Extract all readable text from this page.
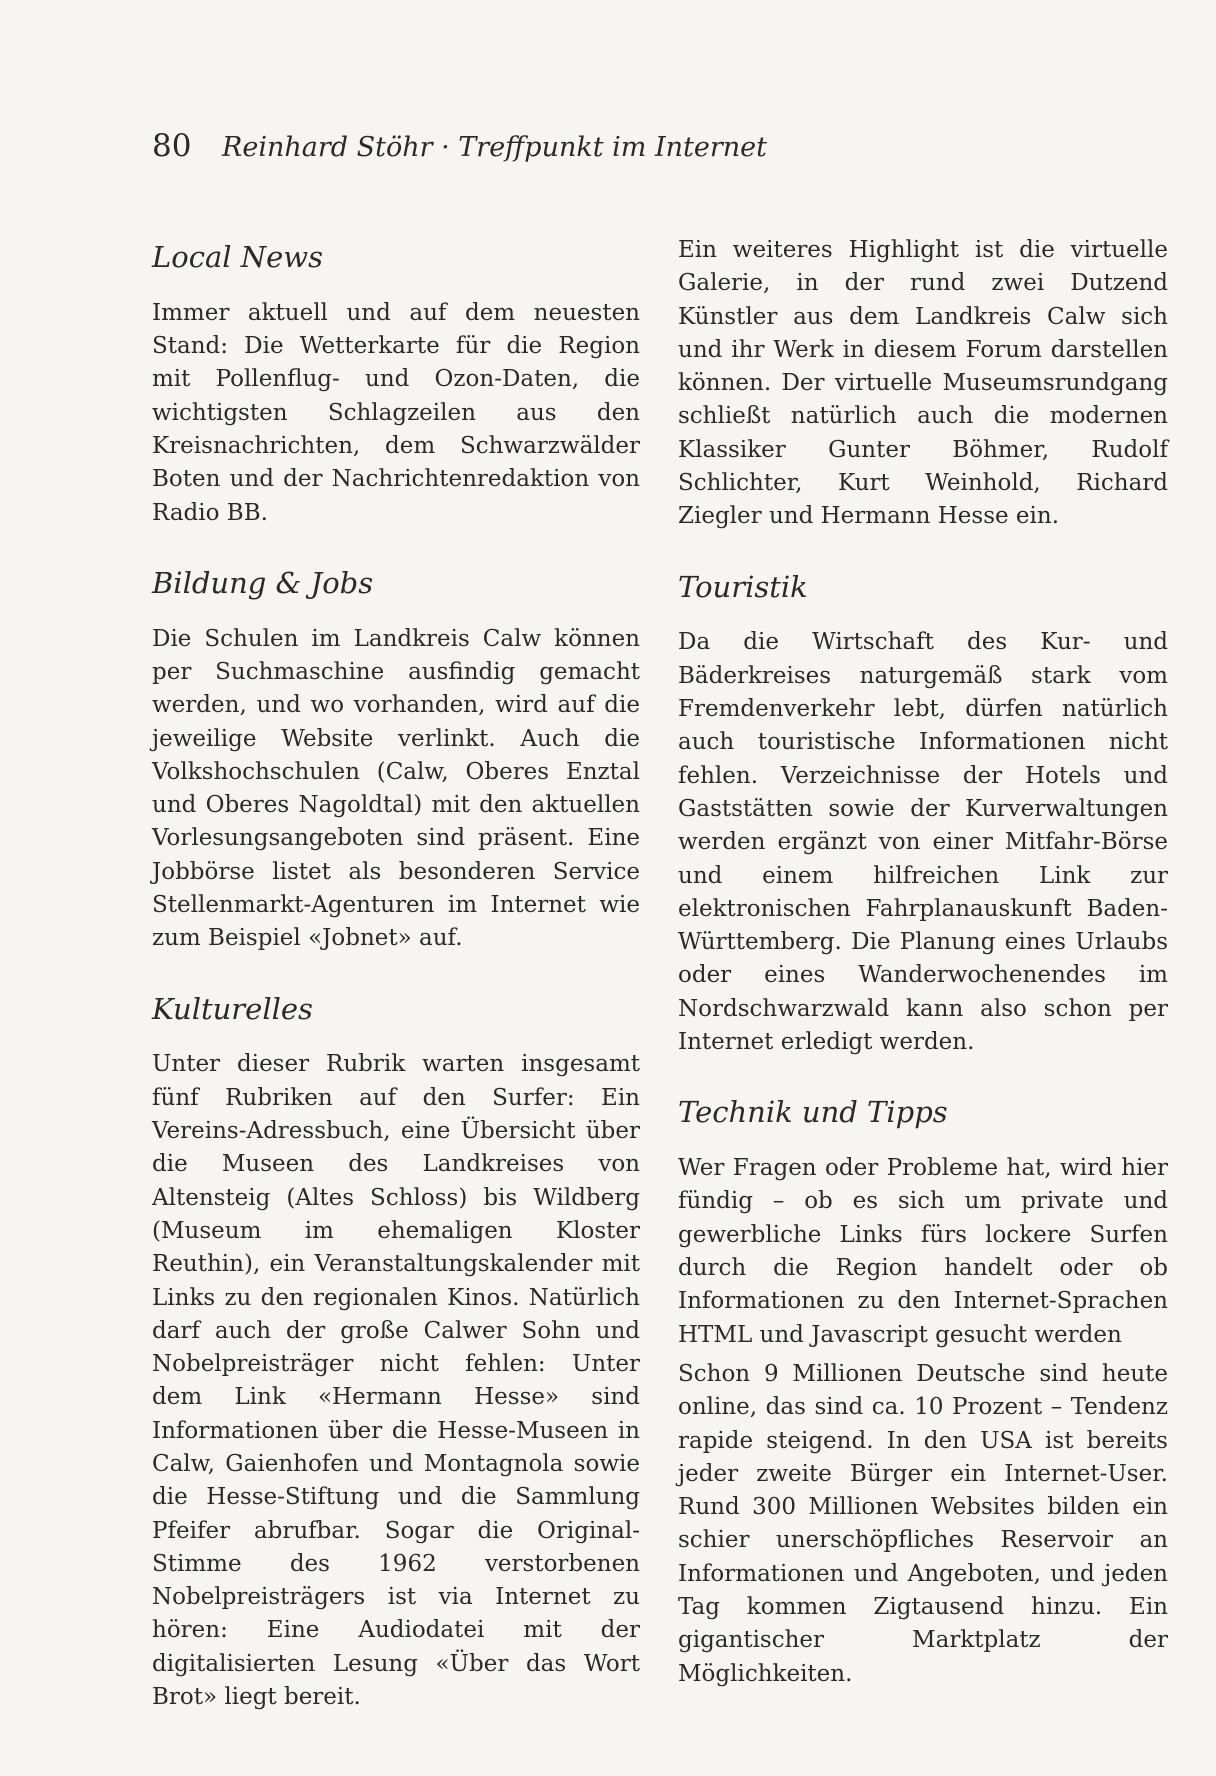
80 Reinhard Stöhr · Treffpunkt im Internet
Local News

Immer aktuell und auf dem neuesten Stand: Die Wetterkarte für die Region mit Pollenflug- und Ozon-Daten, die wichtigsten Schlagzeilen aus den Kreisnachrichten, dem Schwarzwälder Boten und der Nachrichtenredaktion von Radio BB.

Bildung & Jobs

Die Schulen im Landkreis Calw können per Suchmaschine ausfindig gemacht werden, und wo vorhanden, wird auf die jeweilige Website verlinkt. Auch die Volkshochschulen (Calw, Oberes Enztal und Oberes Nagoldtal) mit den aktuellen Vorlesungsangeboten sind präsent. Eine Jobbörse listet als besonderen Service Stellenmarkt-Agenturen im Internet wie zum Beispiel «Jobnet» auf.

Kulturelles

Unter dieser Rubrik warten insgesamt fünf Rubriken auf den Surfer: Ein Vereins-Adressbuch, eine Übersicht über die Museen des Landkreises von Altensteig (Altes Schloss) bis Wildberg (Museum im ehemaligen Kloster Reuthin), ein Veranstaltungskalender mit Links zu den regionalen Kinos. Natürlich darf auch der große Calwer Sohn und Nobelpreisträger nicht fehlen: Unter dem Link «Hermann Hesse» sind Informationen über die Hesse-Museen in Calw, Gaienhofen und Montagnola sowie die Hesse-Stiftung und die Sammlung Pfeifer abrufbar. Sogar die Original-Stimme des 1962 verstorbenen Nobelpreisträgers ist via Internet zu hören: Eine Audiodatei mit der digitalisierten Lesung «Über das Wort Brot» liegt bereit.

Ein weiteres Highlight ist die virtuelle Galerie, in der rund zwei Dutzend Künstler aus dem Landkreis Calw sich und ihr Werk in diesem Forum darstellen können. Der virtuelle Museumsrundgang schließt natürlich auch die modernen Klassiker Gunter Böhmer, Rudolf Schlichter, Kurt Weinhold, Richard Ziegler und Hermann Hesse ein.

Touristik

Da die Wirtschaft des Kur- und Bäderkreises naturgemäß stark vom Fremdenverkehr lebt, dürfen natürlich auch touristische Informationen nicht fehlen. Verzeichnisse der Hotels und Gaststätten sowie der Kurverwaltungen werden ergänzt von einer Mitfahr-Börse und einem hilfreichen Link zur elektronischen Fahrplanauskunft Baden-Württemberg. Die Planung eines Urlaubs oder eines Wanderwochenendes im Nordschwarzwald kann also schon per Internet erledigt werden.

Technik und Tipps

Wer Fragen oder Probleme hat, wird hier fündig – ob es sich um private und gewerbliche Links fürs lockere Surfen durch die Region handelt oder ob Informationen zu den Internet-Sprachen HTML und Javascript gesucht werden

Schon 9 Millionen Deutsche sind heute online, das sind ca. 10 Prozent – Tendenz rapide steigend. In den USA ist bereits jeder zweite Bürger ein Internet-User. Rund 300 Millionen Websites bilden ein schier unerschöpfliches Reservoir an Informationen und Angeboten, und jeden Tag kommen Zigtausend hinzu. Ein gigantischer Marktplatz der Möglichkeiten.
